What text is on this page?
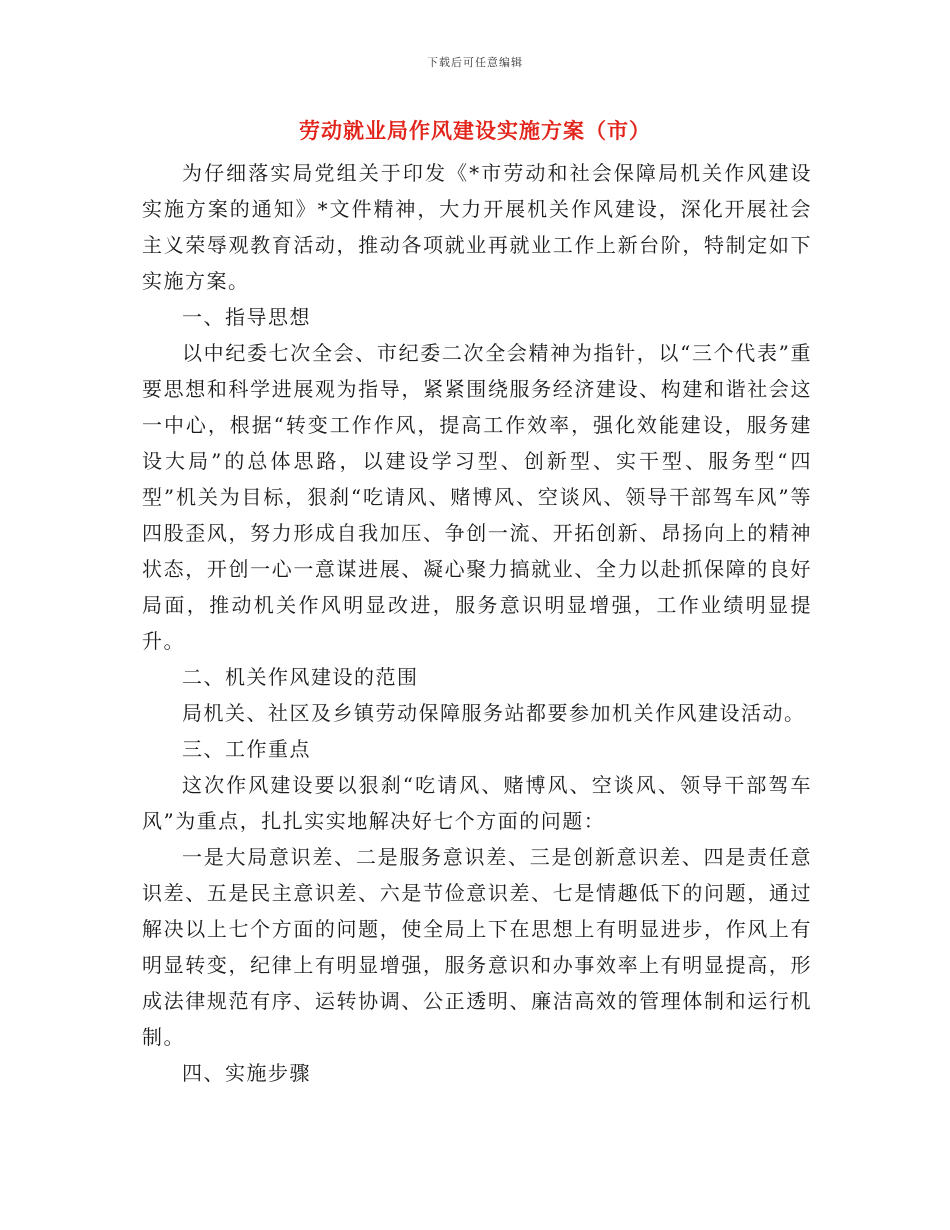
下载后可任意编辑
劳动就业局作风建设实施方案（市）

为仔细落实局党组关于印发《*市劳动和社会保障局机关作风建设实施方案的通知》*文件精神，大力开展机关作风建设，深化开展社会主义荣辱观教育活动，推动各项就业再就业工作上新台阶，特制定如下实施方案。

一、指导思想

以中纪委七次全会、市纪委二次全会精神为指针，以“三个代表”重要思想和科学进展观为指导，紧紧围绕服务经济建设、构建和谐社会这一中心，根据“转变工作作风，提高工作效率，强化效能建设，服务建设大局”的总体思路，以建设学习型、创新型、实干型、服务型“四型”机关为目标，狠刹“吃请风、赌博风、空谈风、领导干部驾车风”等四股歪风，努力形成自我加压、争创一流、开拓创新、昂扬向上的精神状态，开创一心一意谋进展、凝心聚力搞就业、全力以赴抓保障的良好局面，推动机关作风明显改进，服务意识明显增强，工作业绩明显提升。

二、机关作风建设的范围

局机关、社区及乡镇劳动保障服务站都要参加机关作风建设活动。

三、工作重点

这次作风建设要以狠刹“吃请风、赌博风、空谈风、领导干部驾车风”为重点，扎扎实实地解决好七个方面的问题：

一是大局意识差、二是服务意识差、三是创新意识差、四是责任意识差、五是民主意识差、六是节俭意识差、七是情趣低下的问题，通过解决以上七个方面的问题，使全局上下在思想上有明显进步，作风上有明显转变，纪律上有明显增强，服务意识和办事效率上有明显提高，形成法律规范有序、运转协调、公正透明、廉洁高效的管理体制和运行机制。

四、实施步骤
